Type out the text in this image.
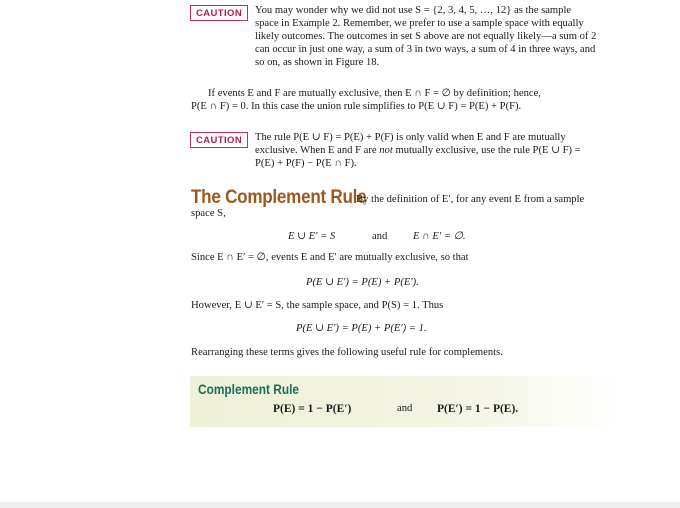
CAUTION	You may wonder why we did not use S = {2, 3, 4, 5, …, 12} as the sample
space in Example 2. Remember, we prefer to use a sample space with equally
likely outcomes. The outcomes in set S above are not equally likely—a sum of 2
can occur in just one way, a sum of 3 in two ways, a sum of 4 in three ways, and
so on, as shown in Figure 18.
If events E and F are mutually exclusive, then E ∩ F = ∅ by definition; hence,
P(E ∩ F) = 0. In this case the union rule simplifies to P(E ∪ F) = P(E) + P(F).
CAUTION	The rule P(E ∪ F) = P(E) + P(F) is only valid when E and F are mutually
exclusive. When E and F are not mutually exclusive, use the rule P(E ∪ F) =
P(E) + P(F) − P(E ∩ F).
The Complement Rule
By the definition of E′, for any event E from a sample
space S,
E ∪ E′ = S	and E ∩ E′ = ∅.
Since E ∩ E′ = ∅, events E and E′ are mutually exclusive, so that
P(E ∪ E′) = P(E) + P(E′).
However, E ∪ E′ = S, the sample space, and P(S) = 1. Thus
P(E ∪ E′) = P(E) + P(E′) = 1.
Rearranging these terms gives the following useful rule for complements.
Complement Rule
P(E) = 1 − P(E′)	and P(E′) = 1 − P(E).
